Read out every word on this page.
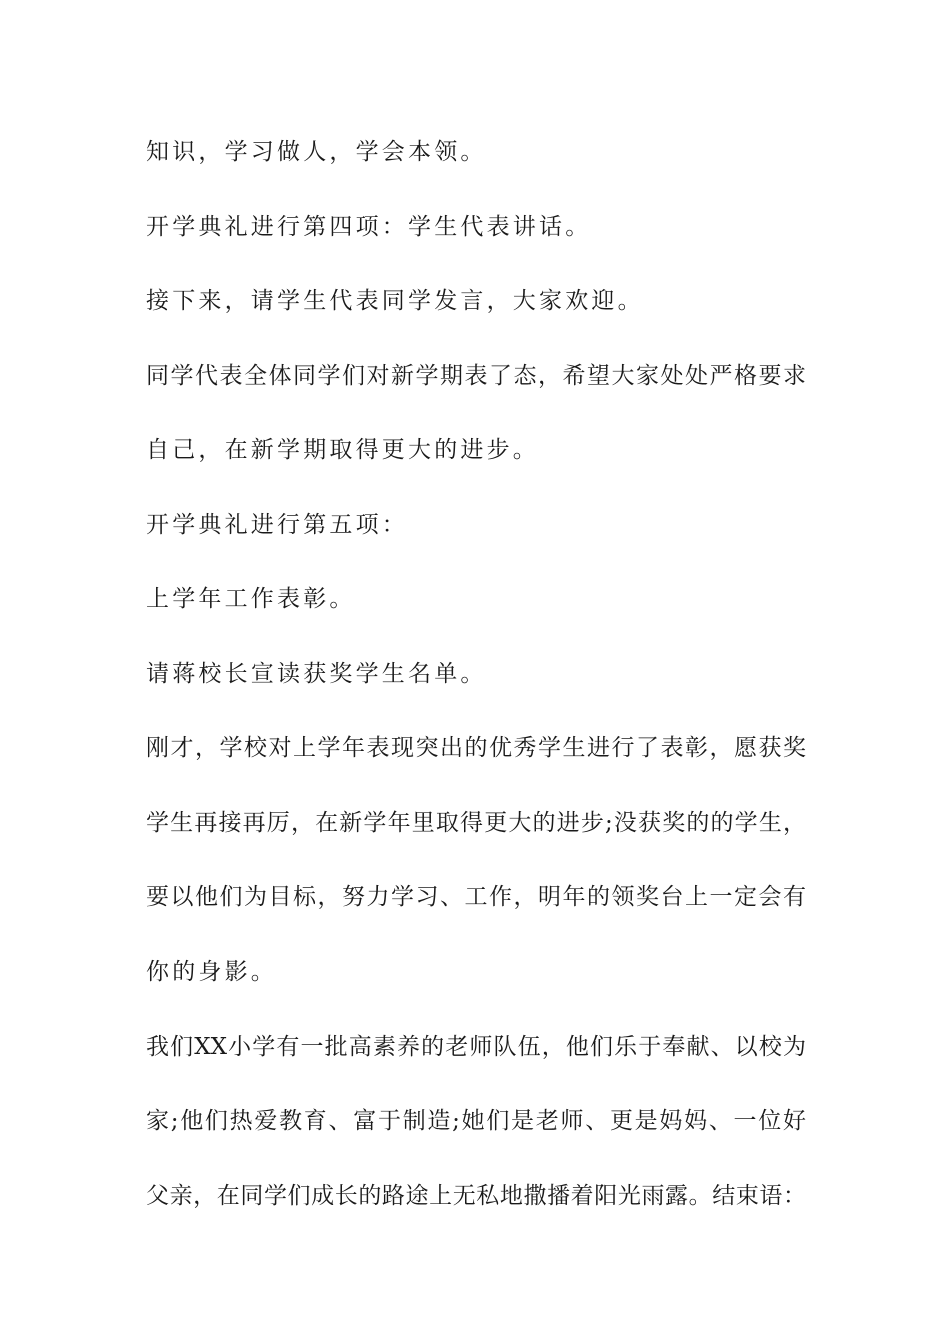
知识，学习做人，学会本领。
开学典礼进行第四项：学生代表讲话。
接下来，请学生代表同学发言，大家欢迎。
同学代表全体同学们对新学期表了态，希望大家处处严格要求
自己，在新学期取得更大的进步。
开学典礼进行第五项：
上学年工作表彰。
请蒋校长宣读获奖学生名单。
刚才，学校对上学年表现突出的优秀学生进行了表彰，愿获奖
学生再接再厉，在新学年里取得更大的进步;没获奖的的学生，
要以他们为目标，努力学习、工作，明年的领奖台上一定会有
你的身影。
我们XX小学有一批高素养的老师队伍，他们乐于奉献、以校为
家;他们热爱教育、富于制造;她们是老师、更是妈妈、一位好
父亲，在同学们成长的路途上无私地撒播着阳光雨露。结束语：
